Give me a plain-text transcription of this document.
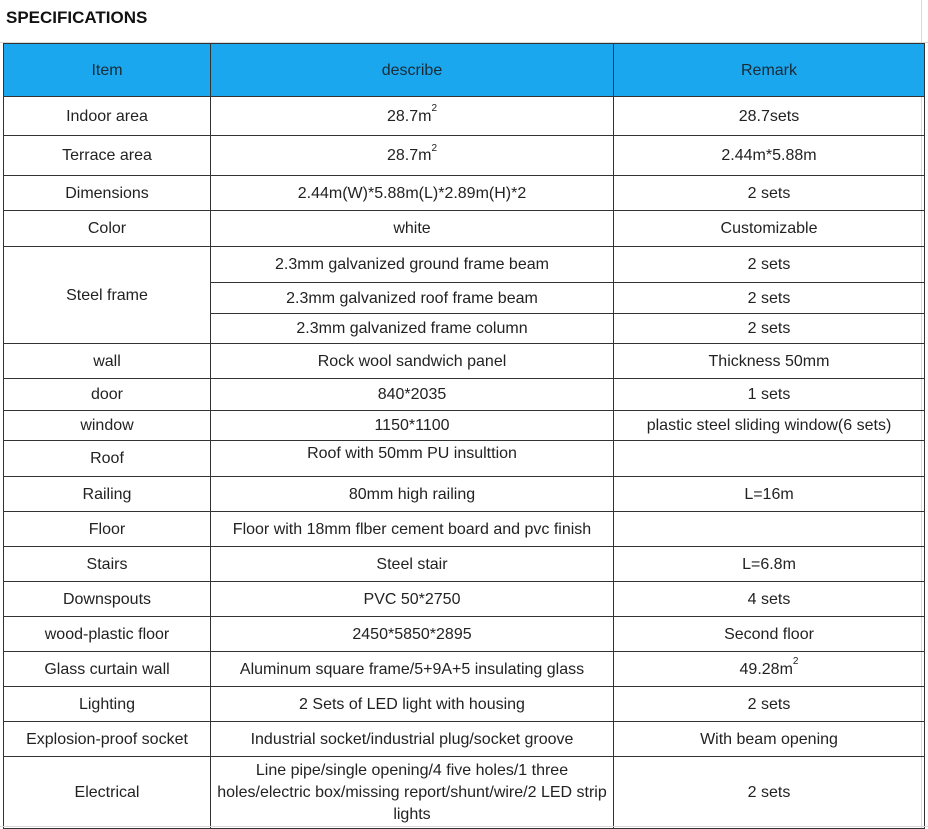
SPECIFICATIONS
Item	describe	Remark
Indoor area	$28.7m^2$	28.7sets
Terrace area	$28.7m^2$	2.44m*5.88m
Dimensions	2.44m(W)*5.88m(L)*2.89m(H)*2	2 sets
Color	white	Customizable
Steel frame	2.3mm galvanized ground frame beam	2 sets
	2.3mm galvanized roof frame beam	2 sets
	2.3mm galvanized frame column	2 sets
wall	Rock wool sandwich panel	Thickness 50mm
door	840*2035	1 sets
window	1150*1100	plastic steel sliding window(6 sets)
Roof	Roof with 50mm PU insulttion	
Railing	80mm high railing	L=16m
Floor	Floor with 18mm flber cement board and pvc finish	
Stairs	Steel stair	L=6.8m
Downspouts	PVC 50*2750	4 sets
wood-plastic floor	2450*5850*2895	Second floor
Glass curtain wall	Aluminum square frame/5+9A+5 insulating glass	$49.28m^2$
Lighting	2 Sets of LED light with housing	2 sets
Explosion-proof socket	Industrial socket/industrial plug/socket groove	With beam opening
Electrical	Line pipe/single opening/4 five holes/1 three holes/electric box/missing report/shunt/wire/2 LED strip lights	2 sets
